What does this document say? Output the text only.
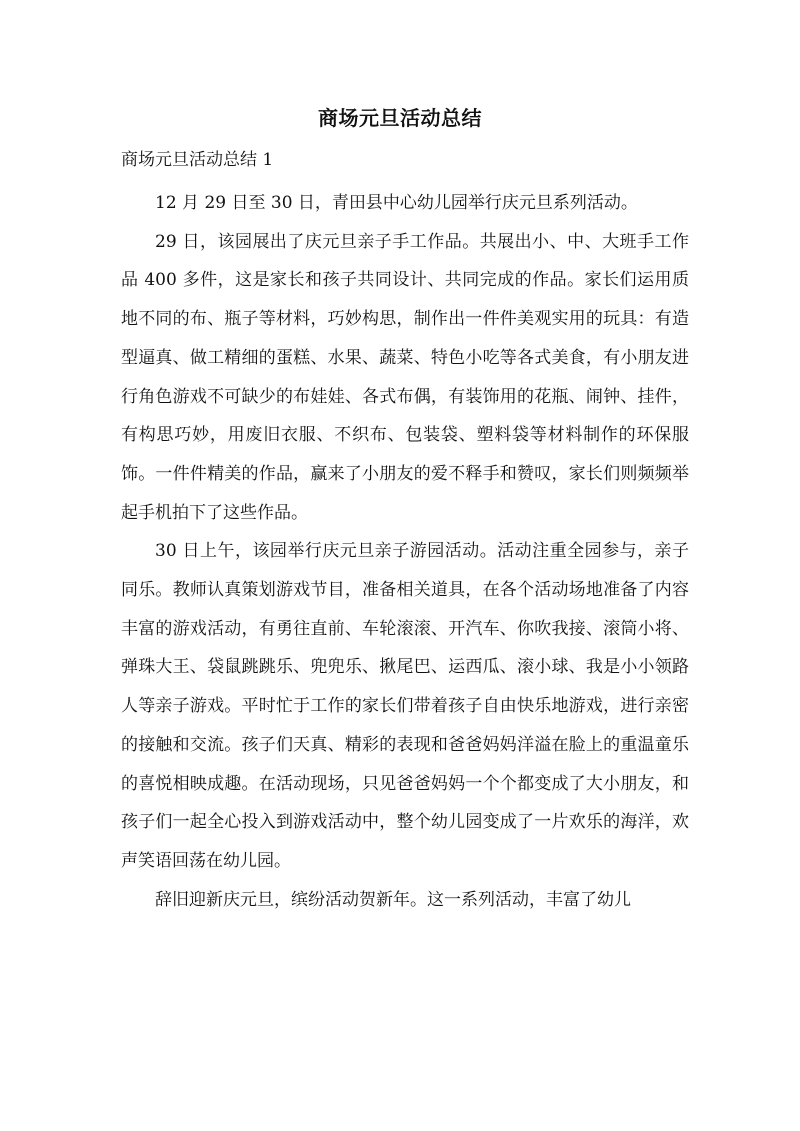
商场元旦活动总结
商场元旦活动总结 1

12 月 29 日至 30 日，青田县中心幼儿园举行庆元旦系列活动。

29 日，该园展出了庆元旦亲子手工作品。共展出小、中、大班手工作品 400 多件，这是家长和孩子共同设计、共同完成的作品。家长们运用质地不同的布、瓶子等材料，巧妙构思，制作出一件件美观实用的玩具：有造型逼真、做工精细的蛋糕、水果、蔬菜、特色小吃等各式美食，有小朋友进行角色游戏不可缺少的布娃娃、各式布偶，有装饰用的花瓶、闹钟、挂件，有构思巧妙，用废旧衣服、不织布、包装袋、塑料袋等材料制作的环保服饰。一件件精美的作品，赢来了小朋友的爱不释手和赞叹，家长们则频频举起手机拍下了这些作品。

30 日上午，该园举行庆元旦亲子游园活动。活动注重全园参与，亲子同乐。教师认真策划游戏节目，准备相关道具，在各个活动场地准备了内容丰富的游戏活动，有勇往直前、车轮滚滚、开汽车、你吹我接、滚筒小将、弹珠大王、袋鼠跳跳乐、兜兜乐、揪尾巴、运西瓜、滚小球、我是小小领路人等亲子游戏。平时忙于工作的家长们带着孩子自由快乐地游戏，进行亲密的接触和交流。孩子们天真、精彩的表现和爸爸妈妈洋溢在脸上的重温童乐的喜悦相映成趣。在活动现场，只见爸爸妈妈一个个都变成了大小朋友，和孩子们一起全心投入到游戏活动中，整个幼儿园变成了一片欢乐的海洋，欢声笑语回荡在幼儿园。

辞旧迎新庆元旦，缤纷活动贺新年。这一系列活动，丰富了幼儿
